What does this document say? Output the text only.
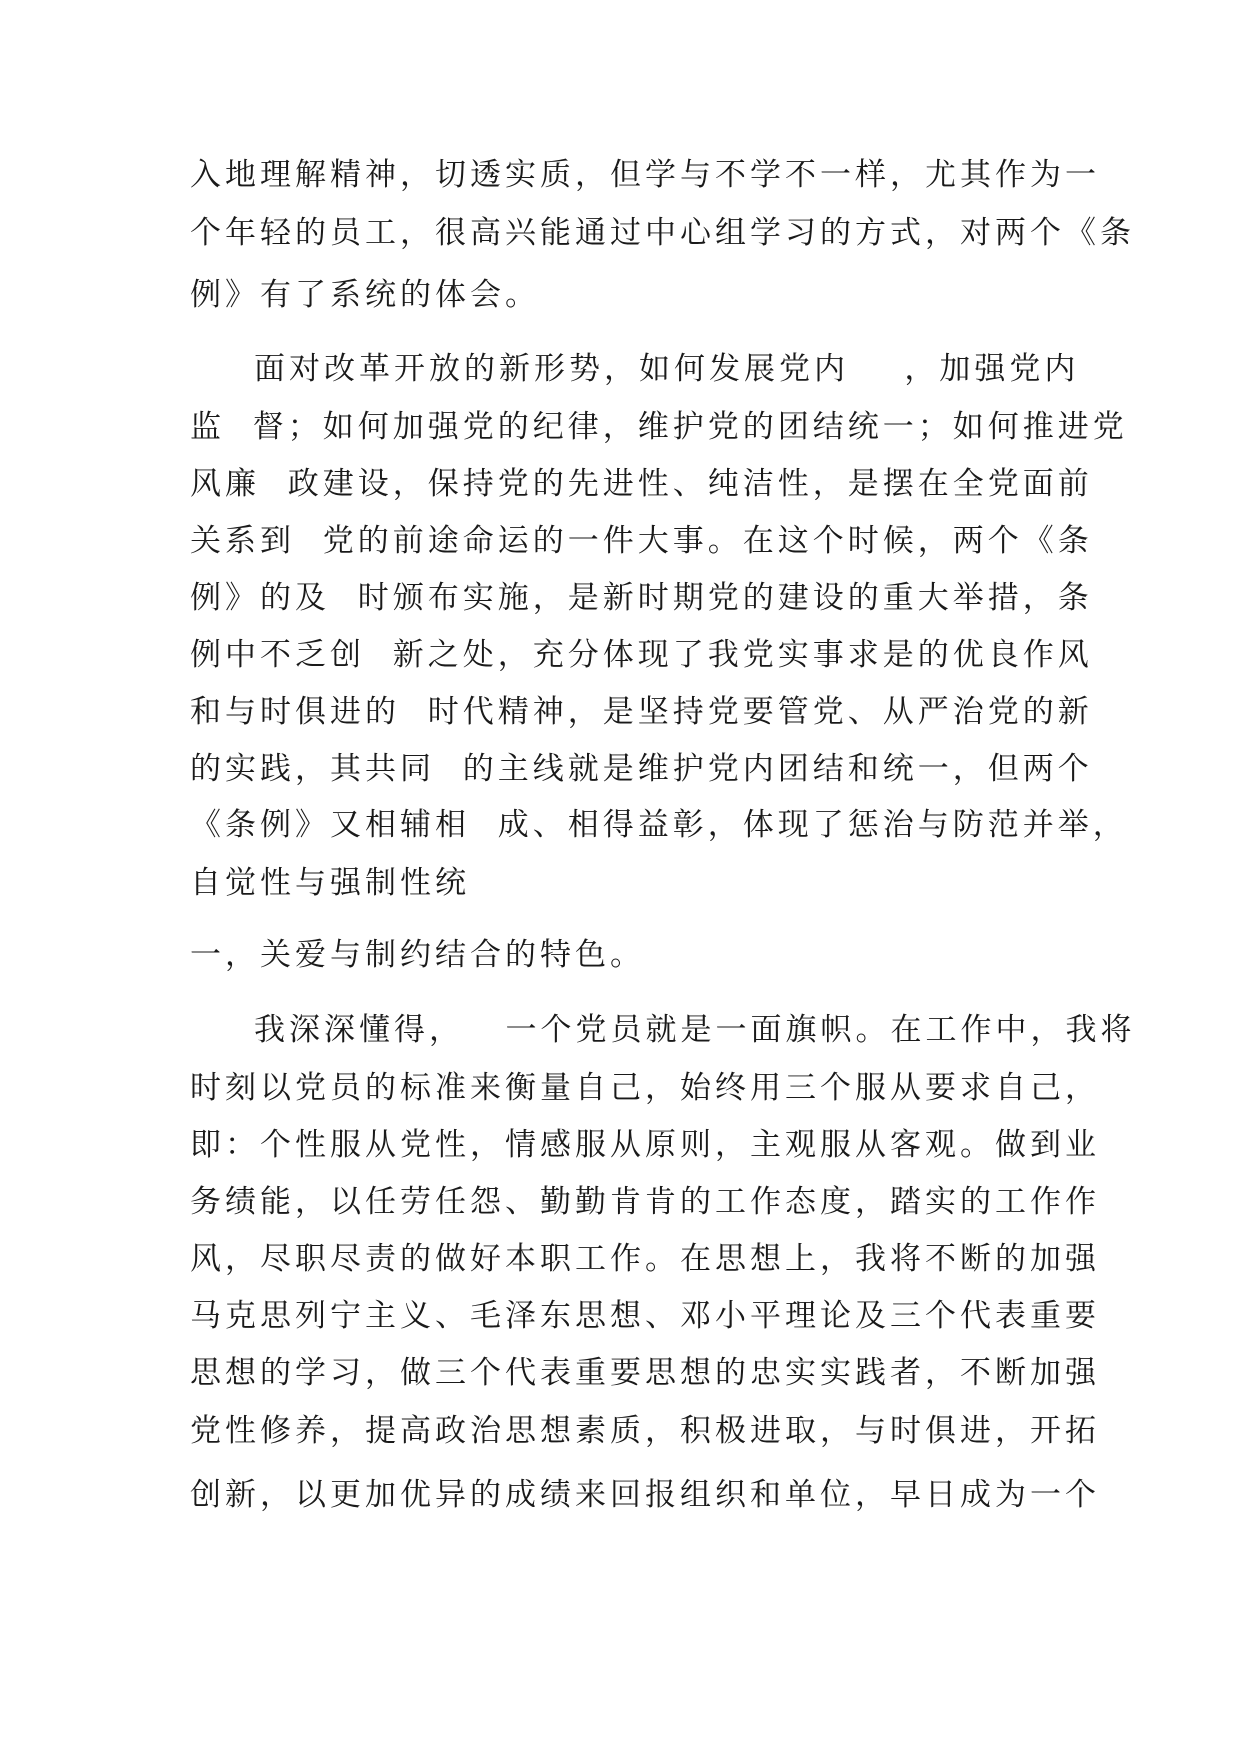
入地理解精神，切透实质，但学与不学不一样，尤其作为一
个年轻的员工，很高兴能通过中心组学习的方式，对两个《条
例》有了系统的体会。
面对改革开放的新形势，如何发展党内    ，加强党内
监  督；如何加强党的纪律，维护党的团结统一；如何推进党
风廉  政建设，保持党的先进性、纯洁性，是摆在全党面前
关系到  党的前途命运的一件大事。在这个时候，两个《条
例》的及  时颁布实施，是新时期党的建设的重大举措，条
例中不乏创  新之处，充分体现了我党实事求是的优良作风
和与时俱进的  时代精神，是坚持党要管党、从严治党的新
的实践，其共同  的主线就是维护党内团结和统一，但两个
《条例》又相辅相  成、相得益彰，体现了惩治与防范并举，
自觉性与强制性统
一，关爱与制约结合的特色。
我深深懂得，   一个党员就是一面旗帜。在工作中，我将
时刻以党员的标准来衡量自己，始终用三个服从要求自己，
即：个性服从党性，情感服从原则，主观服从客观。做到业
务绩能，以任劳任怨、勤勤肯肯的工作态度，踏实的工作作
风，尽职尽责的做好本职工作。在思想上，我将不断的加强
马克思列宁主义、毛泽东思想、邓小平理论及三个代表重要
思想的学习，做三个代表重要思想的忠实实践者，不断加强
党性修养，提高政治思想素质，积极进取，与时俱进，开拓
创新，以更加优异的成绩来回报组织和单位，早日成为一个
